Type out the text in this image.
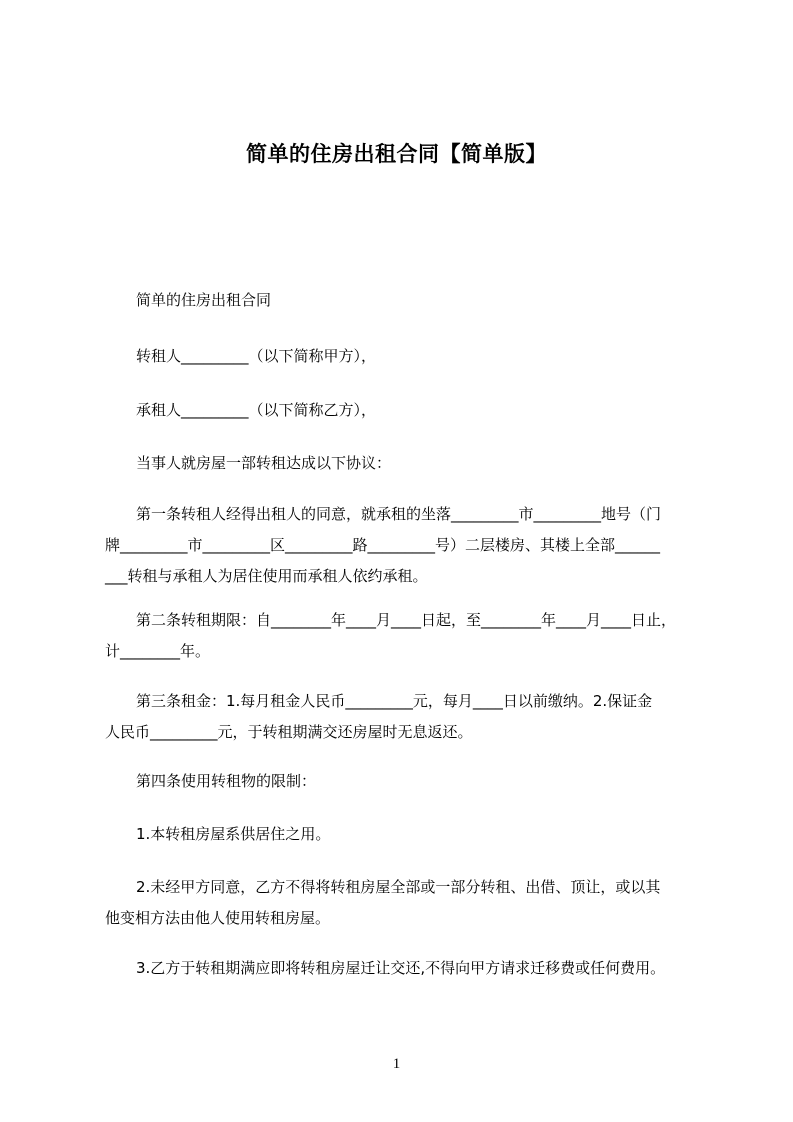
简单的住房出租合同【简单版】
简单的住房出租合同
转租人_________（以下简称甲方），
承租人_________（以下简称乙方），
当事人就房屋一部转租达成以下协议：
第一条转租人经得出租人的同意，就承租的坐落_________市_________地号（门
牌_________市_________区_________路_________号）二层楼房、其楼上全部______
___转租与承租人为居住使用而承租人依约承租。
第二条转租期限：自________年____月____日起，至________年____月____日止，
计________年。
第三条租金：1.每月租金人民币_________元，每月____日以前缴纳。2.保证金
人民币_________元，于转租期满交还房屋时无息返还。
第四条使用转租物的限制：
1.本转租房屋系供居住之用。
2.未经甲方同意，乙方不得将转租房屋全部或一部分转租、出借、顶让，或以其
他变相方法由他人使用转租房屋。
3.乙方于转租期满应即将转租房屋迁让交还,不得向甲方请求迁移费或任何费用。
1
